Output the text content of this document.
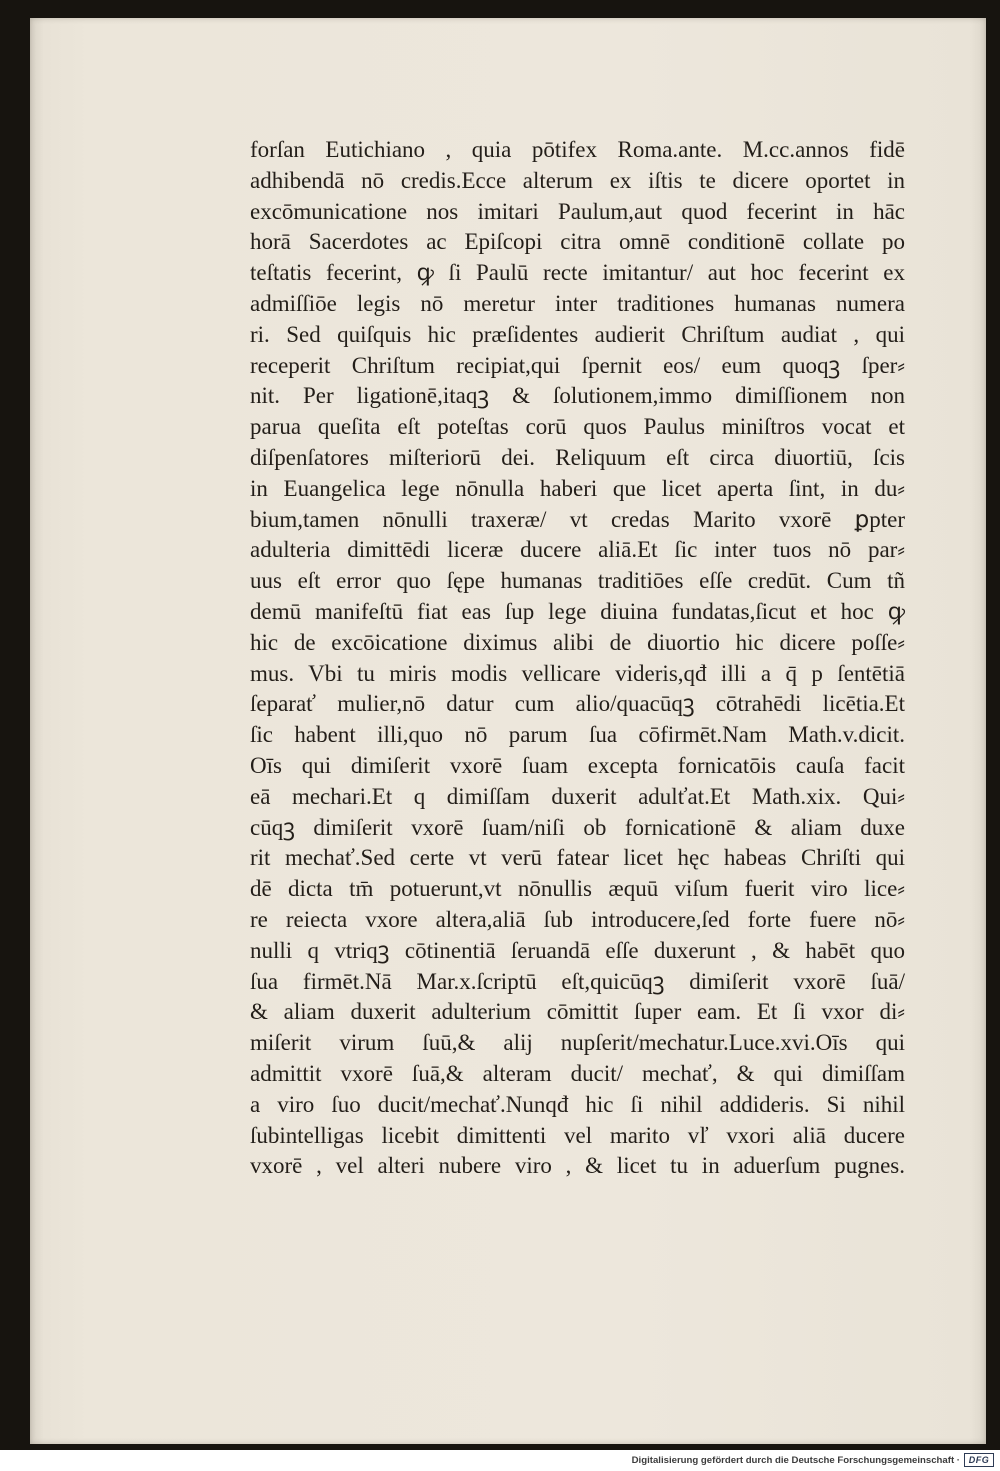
forſan Eutichiano , quia pōtifex Roma.ante. M.cc.annos fidē
adhibendā nō credis.Ecce alterum ex iſtis te dicere oportet in
excōmunicatione nos imitari Paulum,aut quod fecerint in hāc
horā Sacerdotes ac Epiſcopi citra omnē conditionē collate po
teſtatis fecerint, ꝙ ſi Paulū recte imitantur/ aut hoc fecerint ex
admiſſiōe legis nō meretur inter traditiones humanas numera
ri. Sed quiſquis hic præſidentes audierit Chriſtum audiat , qui
receperit Chriſtum recipiat,qui ſpernit eos/ eum quoqꝫ ſper⸗
nit. Per ligationē,itaqꝫ & ſolutionem,immo dimiſſionem non
parua queſita eſt poteſtas corū quos Paulus miniſtros vocat et
diſpenſatores miſteriorū dei. Reliquum eſt circa diuortiū, ſcis
in Euangelica lege nōnulla haberi que licet aperta ſint, in du⸗
bium,tamen nōnulli traxeræ/ vt credas Marito vxorē ꝑpter
adulteria dimittēdi liceræ ducere aliā.Et ſic inter tuos nō par⸗
uus eſt error quo ſępe humanas traditiōes eſſe credūt. Cum tñ
demū manifeſtū fiat eas ſup lege diuina fundatas,ſicut et hoc ꝙ
hic de excōicatione diximus alibi de diuortio hic dicere poſſe⸗
mus. Vbi tu miris modis vellicare videris,qđ illi a q̄ p ſentētiā
ſeparať mulier,nō datur cum alio/quacūqꝫ cōtrahēdi licētia.Et
ſic habent illi,quo nō parum ſua cōfirmēt.Nam Math.v.dicit.
Oīs qui dimiſerit vxorē ſuam excepta fornicatōis cauſa facit
eā mechari.Et q dimiſſam duxerit adulťat.Et Math.xix. Qui⸗
cūqꝫ dimiſerit vxorē ſuam/niſi ob fornicationē & aliam duxe
rit mechať.Sed certe vt verū fatear licet hęc habeas Chriſti qui
dē dicta tm̄ potuerunt,vt nōnullis æquū viſum fuerit viro lice⸗
re reiecta vxore altera,aliā ſub introducere,ſed forte fuere nō⸗
nulli q vtriqꝫ cōtinentiā ſeruandā eſſe duxerunt , & habēt quo
ſua firmēt.Nā Mar.x.ſcriptū eſt,quicūqꝫ dimiſerit vxorē ſuā/
& aliam duxerit adulterium cōmittit ſuper eam. Et ſi vxor di⸗
miſerit virum ſuū,& alij nupſerit/mechatur.Luce.xvi.Oīs qui
admittit vxorē ſuā,& alteram ducit/ mechať, & qui dimiſſam
a viro ſuo ducit/mechať.Nunqđ hic ſi nihil addideris. Si nihil
ſubintelligas licebit dimittenti vel marito vľ vxori aliā ducere
vxorē , vel alteri nubere viro , & licet tu in aduerſum pugnes.
Digitalisierung gefördert durch die Deutsche Forschungsgemeinschaft · DFG
